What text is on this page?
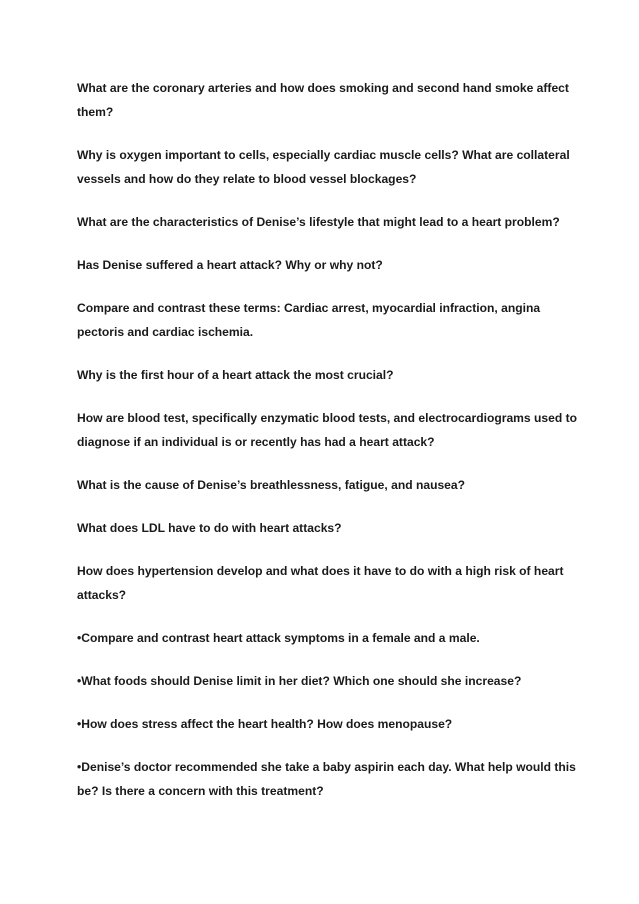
What are the coronary arteries and how does smoking and second hand smoke affect them?
Why is oxygen important to cells, especially cardiac muscle cells? What are collateral vessels and how do they relate to blood vessel blockages?
What are the characteristics of Denise’s lifestyle that might lead to a heart problem?
Has Denise suffered a heart attack? Why or why not?
Compare and contrast these terms: Cardiac arrest, myocardial infraction, angina pectoris and cardiac ischemia.
Why is the first hour of a heart attack the most crucial?
How are blood test, specifically enzymatic blood tests, and electrocardiograms used to diagnose if an individual is or recently has had a heart attack?
What is the cause of Denise’s breathlessness, fatigue, and nausea?
What does LDL have to do with heart attacks?
How does hypertension develop and what does it have to do with a high risk of heart attacks?
•Compare and contrast heart attack symptoms in a female and a male.
•What foods should Denise limit in her diet? Which one should she increase?
•How does stress affect the heart health? How does menopause?
•Denise’s doctor recommended she take a baby aspirin each day. What help would this be? Is there a concern with this treatment?
